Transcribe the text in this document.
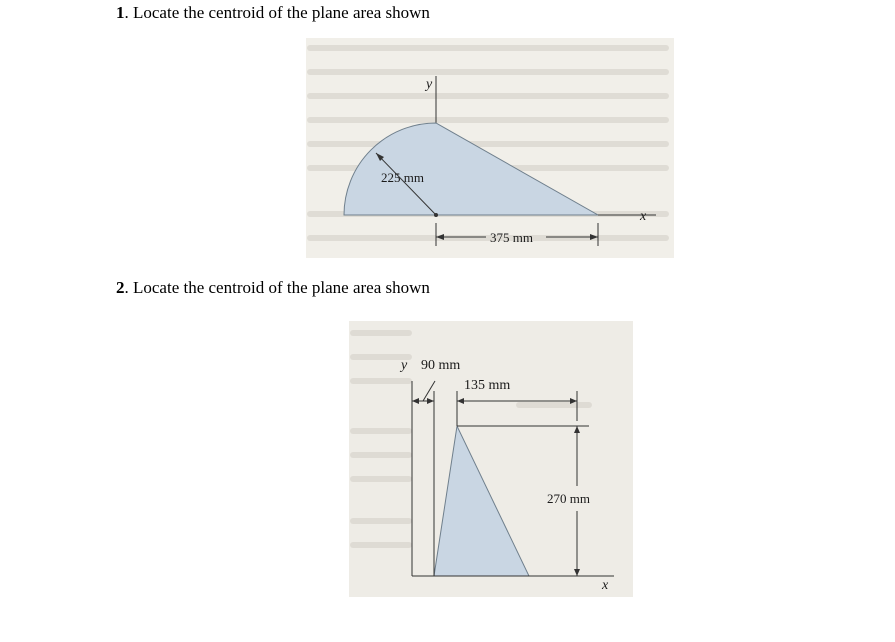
1. Locate the centroid of the plane area shown
y
225 mm
375 mm
x
2. Locate the centroid of the plane area shown
y 90 mm
135 mm
270 mm
x
